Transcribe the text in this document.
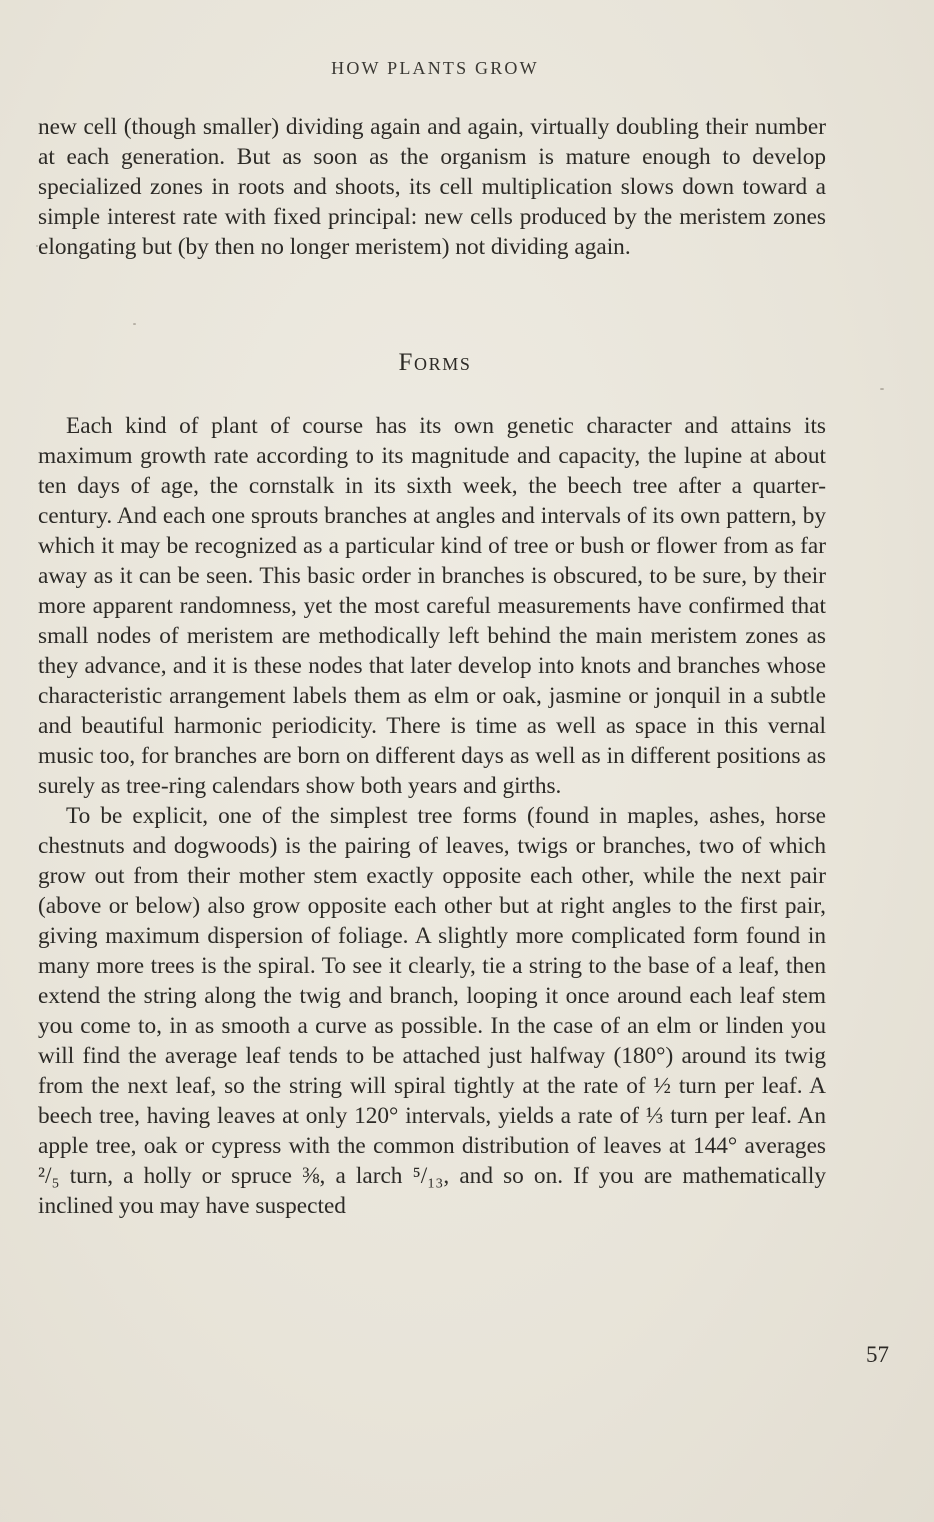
HOW PLANTS GROW

new cell (though smaller) dividing again and again, virtually doubling their number at each generation. But as soon as the organism is mature enough to develop specialized zones in roots and shoots, its cell multiplication slows down toward a simple interest rate with fixed principal: new cells produced by the meristem zones elongating but (by then no longer meristem) not dividing again.

Forms

Each kind of plant of course has its own genetic character and attains its maximum growth rate according to its magnitude and capacity, the lupine at about ten days of age, the cornstalk in its sixth week, the beech tree after a quarter-century. And each one sprouts branches at angles and intervals of its own pattern, by which it may be recognized as a particular kind of tree or bush or flower from as far away as it can be seen. This basic order in branches is obscured, to be sure, by their more apparent randomness, yet the most careful measurements have confirmed that small nodes of meristem are methodically left behind the main meristem zones as they advance, and it is these nodes that later develop into knots and branches whose characteristic arrangement labels them as elm or oak, jasmine or jonquil in a subtle and beautiful harmonic periodicity. There is time as well as space in this vernal music too, for branches are born on different days as well as in different positions as surely as tree-ring calendars show both years and girths.

To be explicit, one of the simplest tree forms (found in maples, ashes, horse chestnuts and dogwoods) is the pairing of leaves, twigs or branches, two of which grow out from their mother stem exactly opposite each other, while the next pair (above or below) also grow opposite each other but at right angles to the first pair, giving maximum dispersion of foliage. A slightly more complicated form found in many more trees is the spiral. To see it clearly, tie a string to the base of a leaf, then extend the string along the twig and branch, looping it once around each leaf stem you come to, in as smooth a curve as possible. In the case of an elm or linden you will find the average leaf tends to be attached just halfway (180°) around its twig from the next leaf, so the string will spiral tightly at the rate of ½ turn per leaf. A beech tree, having leaves at only 120° intervals, yields a rate of ⅓ turn per leaf. An apple tree, oak or cypress with the common distribution of leaves at 144° averages ²/₅ turn, a holly or spruce ⅜, a larch ⁵/₁₃, and so on. If you are mathematically inclined you may have suspected

57
